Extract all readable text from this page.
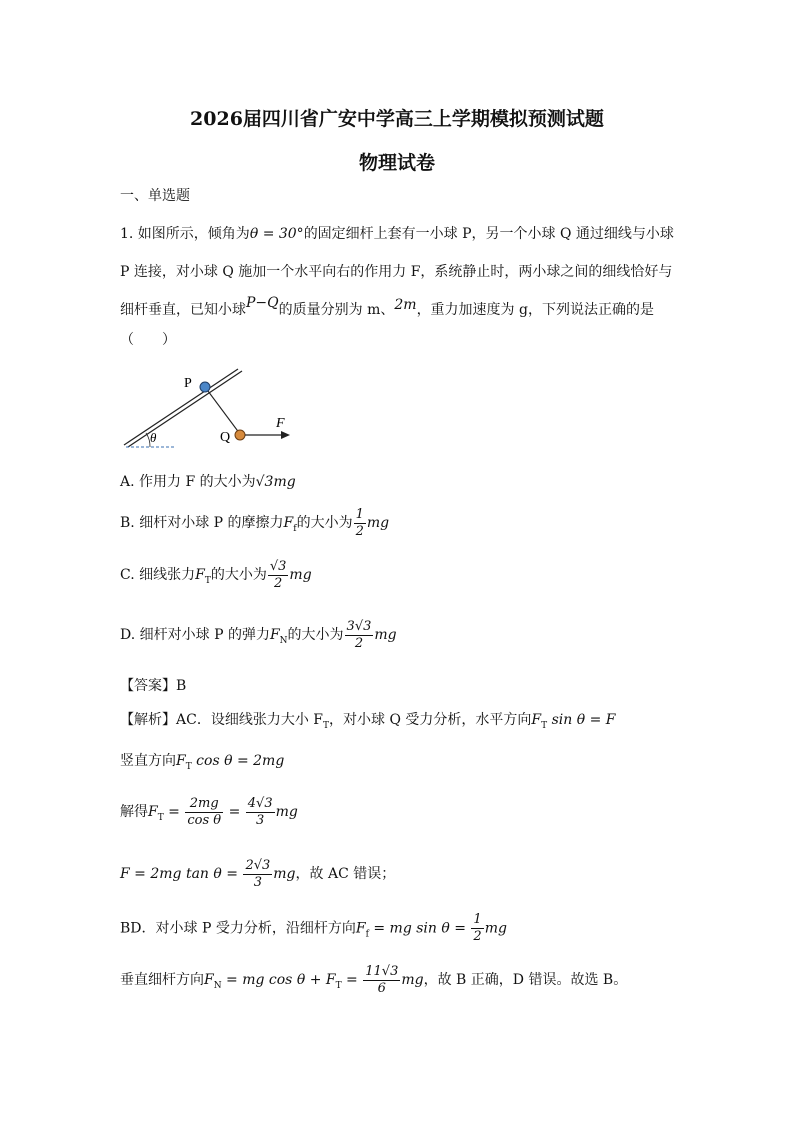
2026届四川省广安中学高三上学期模拟预测试题
物理试卷
一、单选题
1. 如图所示，倾角为θ = 30°的固定细杆上套有一小球 P，另一个小球 Q 通过细线与小球
P 连接，对小球 Q 施加一个水平向右的作用力 F，系统静止时，两小球之间的细线恰好与
细杆垂直，已知小球P−Q的质量分别为 m、2m，重力加速度为 g，下列说法正确的是
（　　）
P
Q
F
θ
A. 作用力 F 的大小为√3mg
B. 细杆对小球 P 的摩擦力$F_f$的大小为 $\frac{1}{2}$ mg
C. 细线张力$F_T$的大小为 $\frac{√3}{2}$ mg
D. 细杆对小球 P 的弹力$F_N$的大小为 $\frac{3√3}{2}$ mg
【答案】B
【解析】AC．设细线张力大小 $F_T$，对小球 Q 受力分析，水平方向$F_T$ sin θ = F
竖直方向$F_T$ cos θ = 2mg
解得$F_T = \frac{2mg}{\text{cos θ}} = \frac{4√3}{3}$ mg
F = 2mg $\tan \theta = \frac{2√3}{3}$ mg，故 AC 错误；
BD．对小球 P 受力分析，沿细杆方向$F_f$ = mg $\sin \theta = \frac{1}{2}$ mg
垂直细杆方向$F_N$ = mg $\cos \theta + F_T = \frac{11√3}{6}$ mg，故 B 正确，D 错误。故选 B。
